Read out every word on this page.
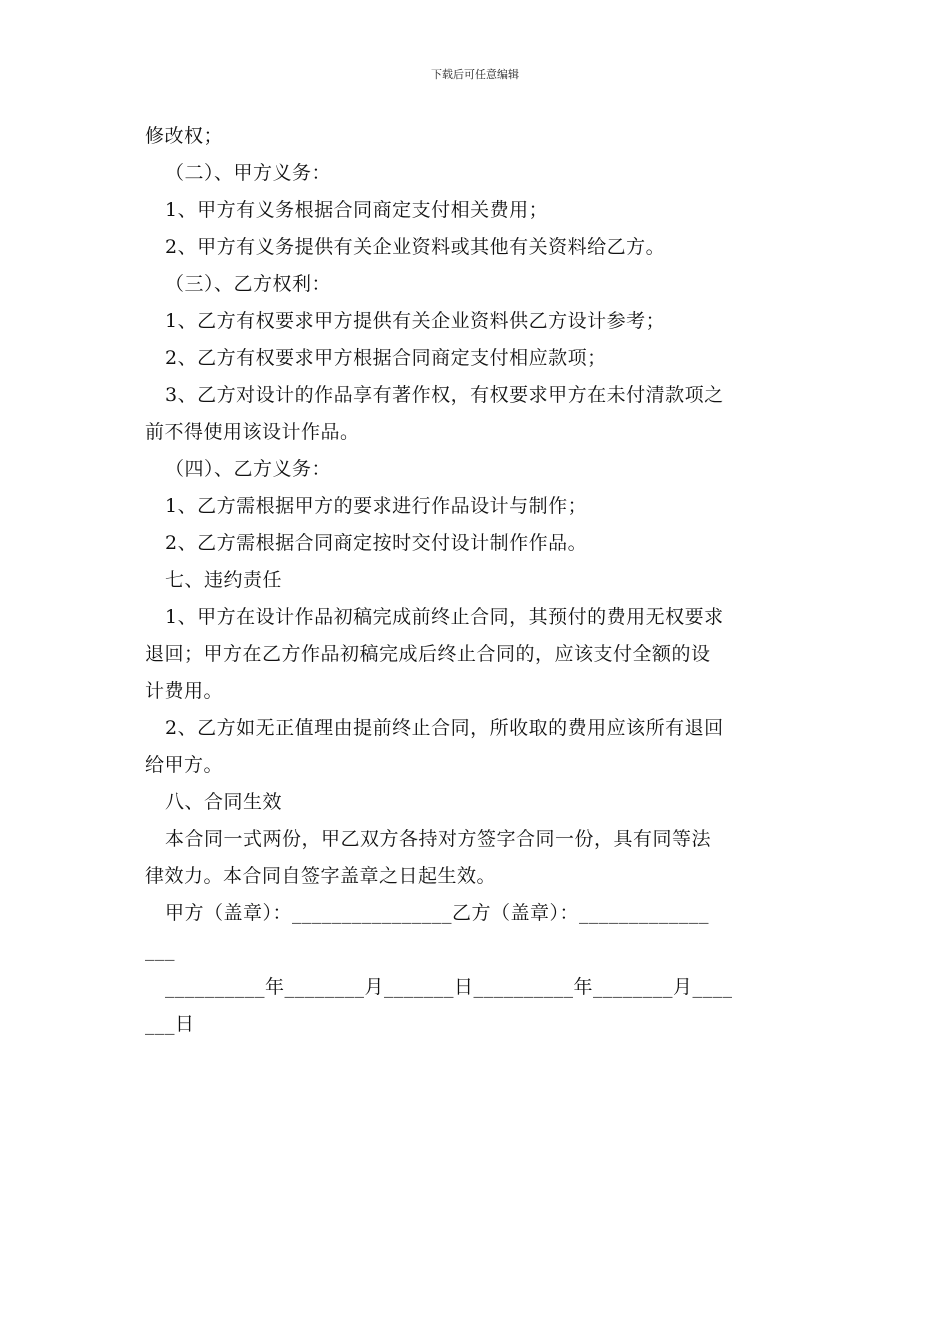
下载后可任意编辑
修改权；
（二）、甲方义务：
1、甲方有义务根据合同商定支付相关费用；
2、甲方有义务提供有关企业资料或其他有关资料给乙方。
（三）、乙方权利：
1、乙方有权要求甲方提供有关企业资料供乙方设计参考；
2、乙方有权要求甲方根据合同商定支付相应款项；
3、乙方对设计的作品享有著作权，有权要求甲方在未付清款项之
前不得使用该设计作品。
（四）、乙方义务：
1、乙方需根据甲方的要求进行作品设计与制作；
2、乙方需根据合同商定按时交付设计制作作品。
七、违约责任
1、甲方在设计作品初稿完成前终止合同，其预付的费用无权要求
退回；甲方在乙方作品初稿完成后终止合同的，应该支付全额的设
计费用。
2、乙方如无正值理由提前终止合同，所收取的费用应该所有退回
给甲方。
八、合同生效
本合同一式两份，甲乙双方各持对方签字合同一份，具有同等法
律效力。本合同自签字盖章之日起生效。
甲方（盖章）：________________乙方（盖章）：_____________
___
__________年________月_______日__________年________月____
___日
